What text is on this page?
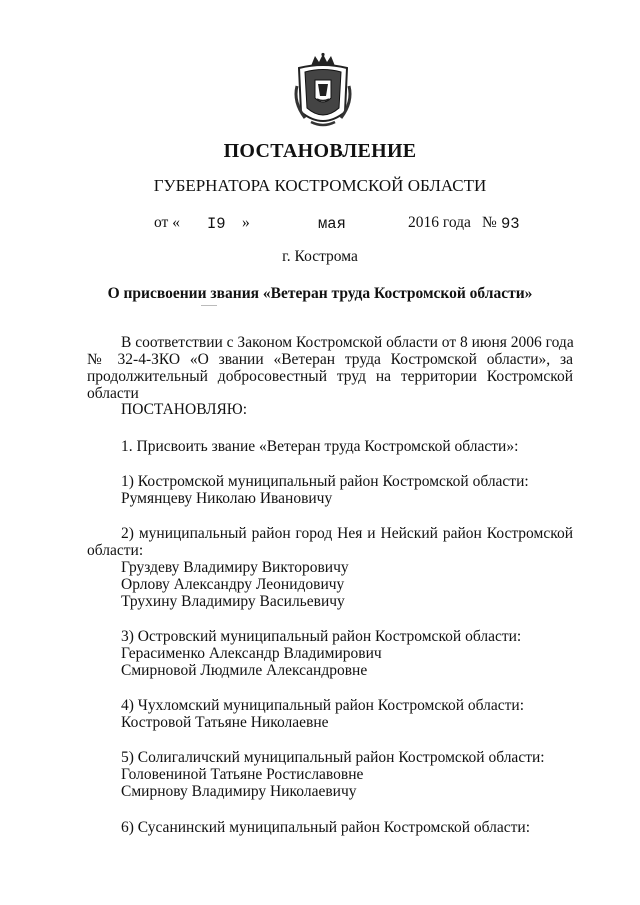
ПОСТАНОВЛЕНИЕ
ГУБЕРНАТОРА КОСТРОМСКОЙ ОБЛАСТИ
от « I9 »	мая	2016 года № 93
г. Кострома
О присвоении звания «Ветеран труда Костромской области»
В соответствии с Законом Костромской области от 8 июня 2006 года
№ 32-4-ЗКО «О звании «Ветеран труда Костромской области», за
продолжительный добросовестный труд на территории Костромской
области
ПОСТАНОВЛЯЮ:
1. Присвоить звание «Ветеран труда Костромской области»:
1) Костромской муниципальный район Костромской области:
Румянцеву Николаю Ивановичу
2) муниципальный район город Нея и Нейский район Костромской
области:
Груздеву Владимиру Викторовичу
Орлову Александру Леонидовичу
Трухину Владимиру Васильевичу
3) Островский муниципальный район Костромской области:
Герасименко Александр Владимирович
Смирновой Людмиле Александровне
4) Чухломский муниципальный район Костромской области:
Костровой Татьяне Николаевне
5) Солигаличский муниципальный район Костромской области:
Головениной Татьяне Ростиславовне
Смирнову Владимиру Николаевичу
6) Сусанинский муниципальный район Костромской области:
